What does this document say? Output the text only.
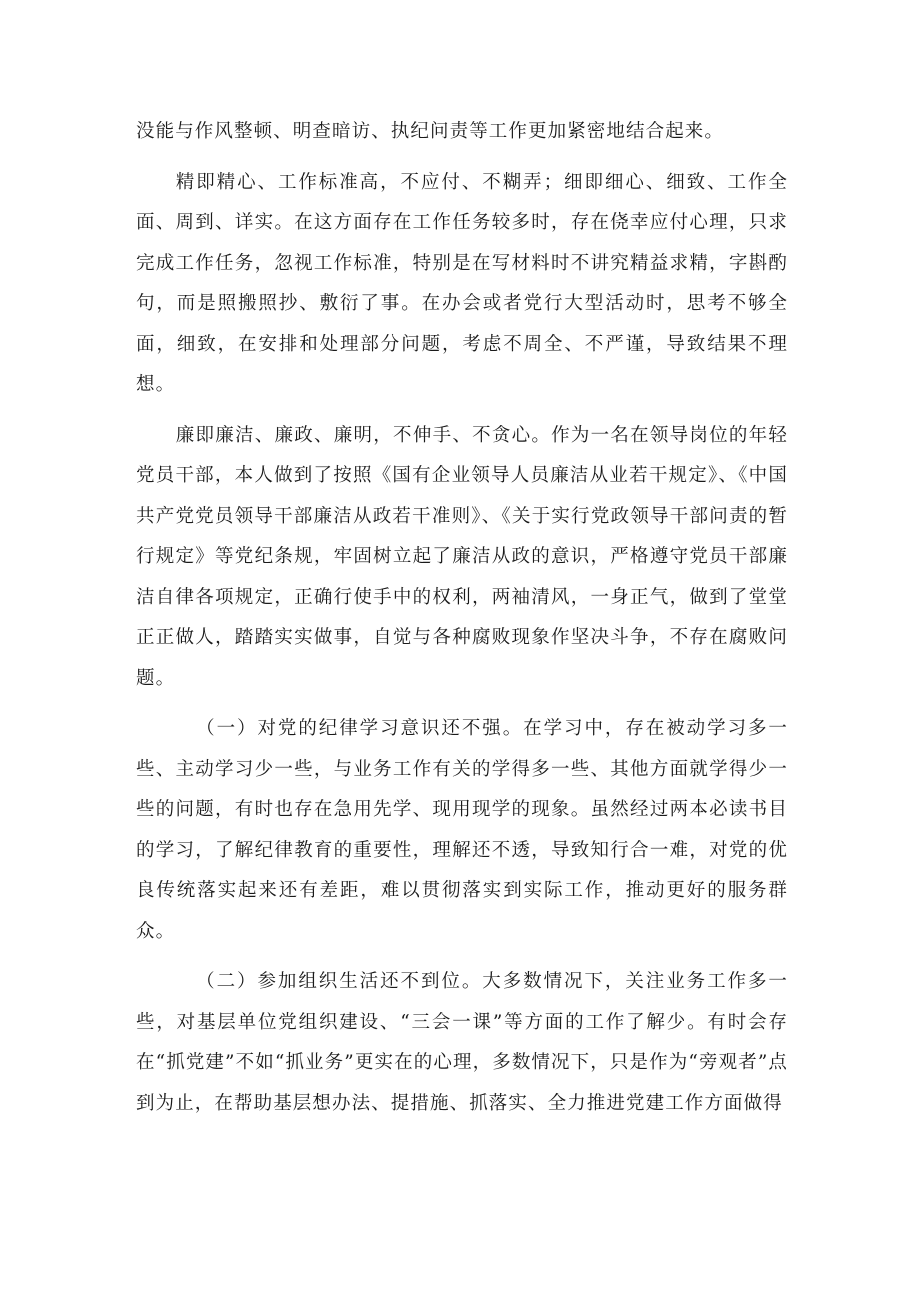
没能与作风整顿、明查暗访、执纪问责等工作更加紧密地结合起来。

精即精心、工作标准高，不应付、不糊弄；细即细心、细致、工作全面、周到、详实。在这方面存在工作任务较多时，存在侥幸应付心理，只求完成工作任务，忽视工作标准，特别是在写材料时不讲究精益求精，字斟酌句，而是照搬照抄、敷衍了事。在办会或者党行大型活动时，思考不够全面，细致，在安排和处理部分问题，考虑不周全、不严谨，导致结果不理想。

廉即廉洁、廉政、廉明，不伸手、不贪心。作为一名在领导岗位的年轻党员干部，本人做到了按照《国有企业领导人员廉洁从业若干规定》、《中国共产党党员领导干部廉洁从政若干准则》、《关于实行党政领导干部问责的暂行规定》等党纪条规，牢固树立起了廉洁从政的意识，严格遵守党员干部廉洁自律各项规定，正确行使手中的权利，两袖清风，一身正气，做到了堂堂正正做人，踏踏实实做事，自觉与各种腐败现象作坚决斗争，不存在腐败问题。

（一）对党的纪律学习意识还不强。在学习中，存在被动学习多一些、主动学习少一些，与业务工作有关的学得多一些、其他方面就学得少一些的问题，有时也存在急用先学、现用现学的现象。虽然经过两本必读书目的学习，了解纪律教育的重要性，理解还不透，导致知行合一难，对党的优良传统落实起来还有差距，难以贯彻落实到实际工作，推动更好的服务群众。

（二）参加组织生活还不到位。大多数情况下，关注业务工作多一些，对基层单位党组织建设、“三会一课”等方面的工作了解少。有时会存在“抓党建”不如“抓业务”更实在的心理，多数情况下，只是作为“旁观者”点到为止，在帮助基层想办法、提措施、抓落实、全力推进党建工作方面做得
